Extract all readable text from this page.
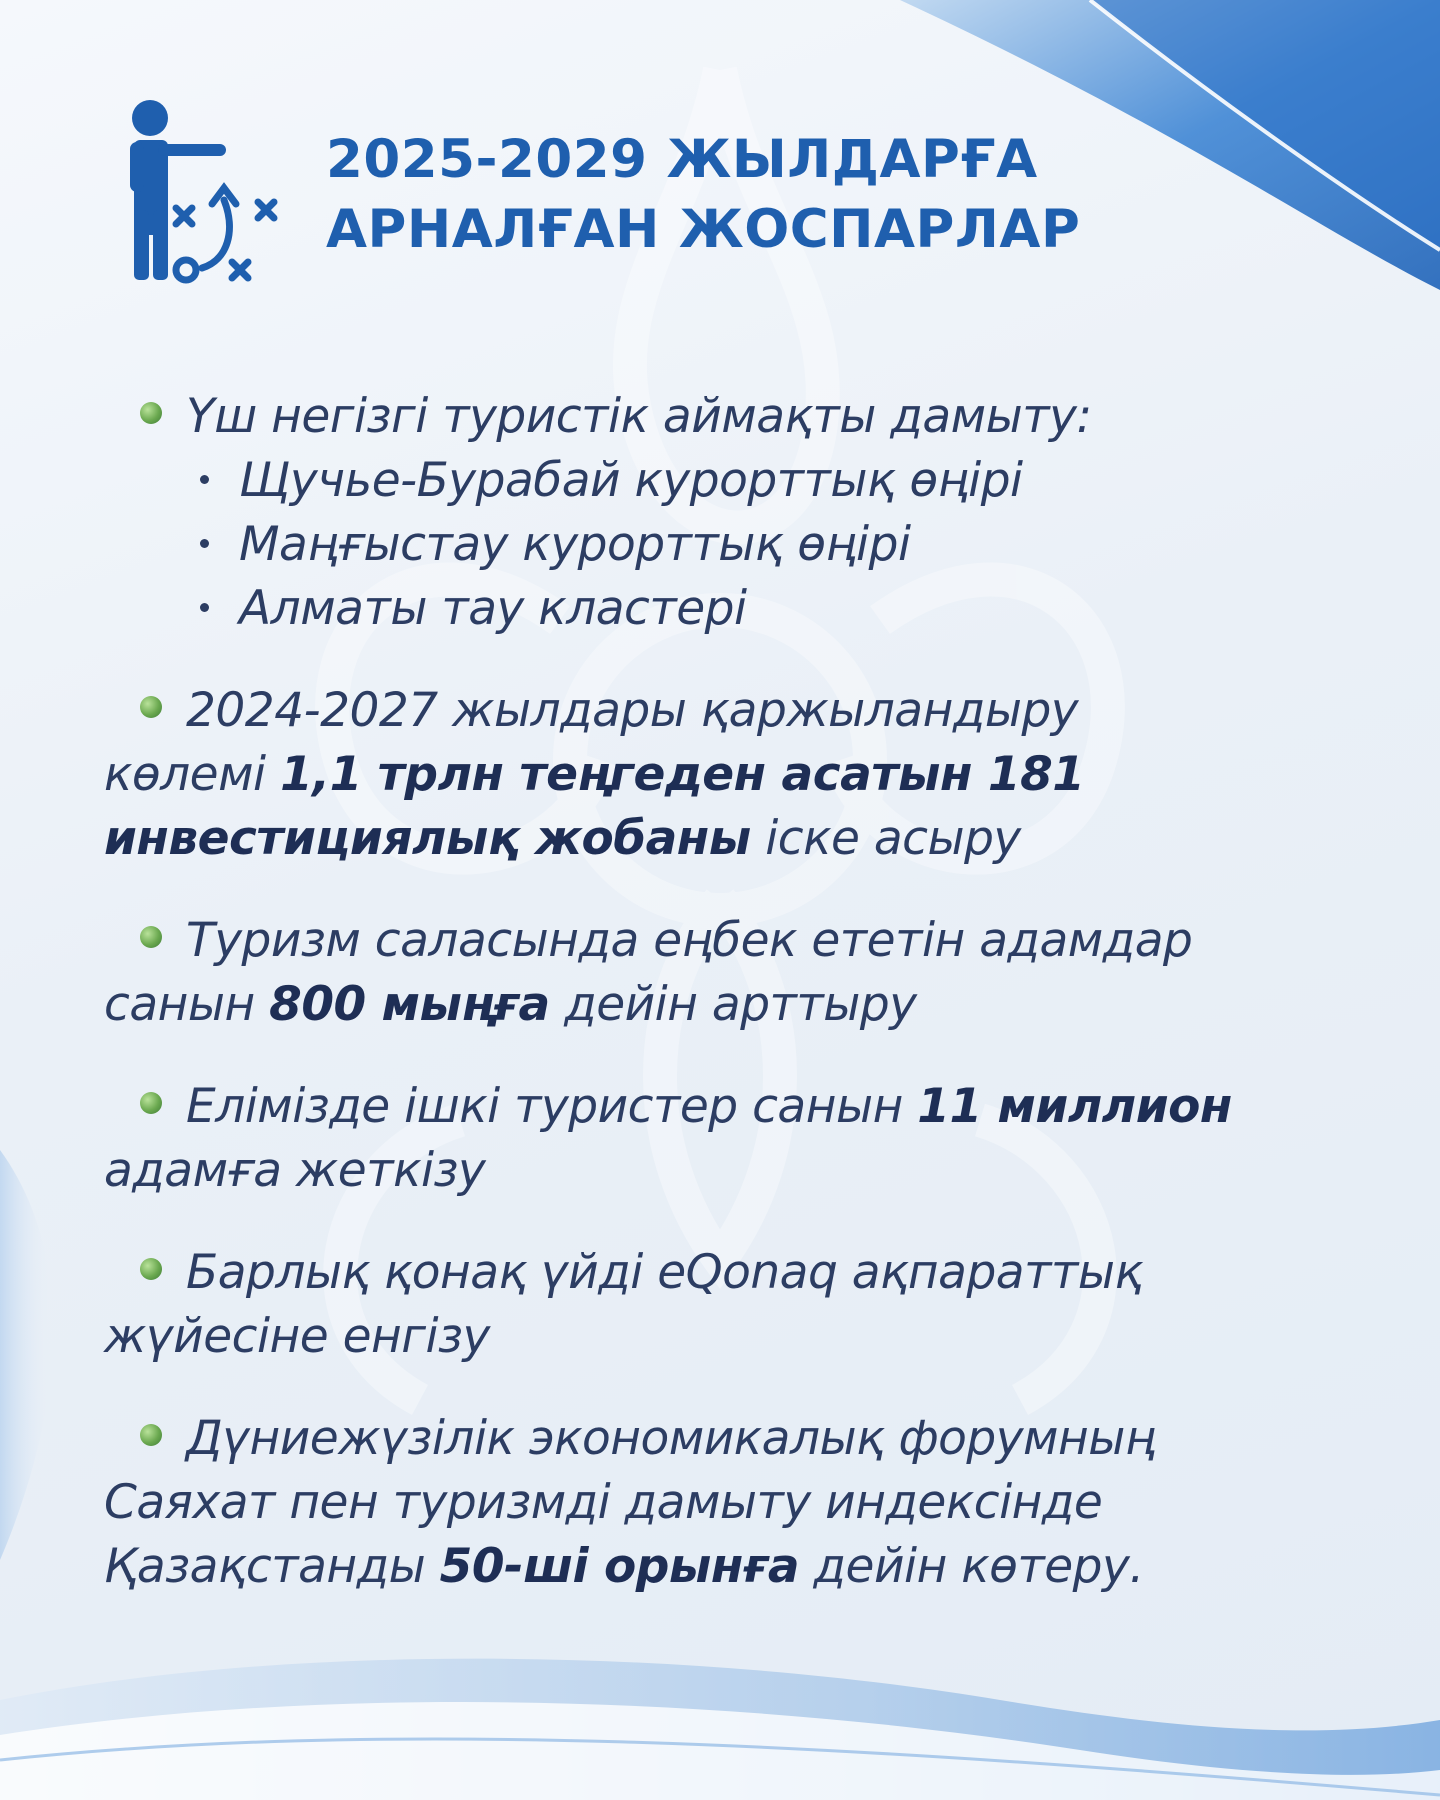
2025-2029 ЖЫЛДАРҒА
АРНАЛҒАН ЖОСПАРЛАР
Үш негізгі туристік аймақты дамыту:
Щучье-Бурабай курорттық өңірі
Маңғыстау курорттық өңірі
Алматы тау кластері
2024-2027 жылдары қаржыландыру
көлемі 1,1 трлн теңгеден асатын 181
инвестициялық жобаны іске асыру
Туризм саласында еңбек ететін адамдар
санын 800 мыңға дейін арттыру
Елімізде ішкі туристер санын 11 миллион
адамға жеткізу
Барлық қонақ үйді eQonaq ақпараттық
жүйесіне енгізу
Дүниежүзілік экономикалық форумның
Саяхат пен туризмді дамыту индексінде
Қазақстанды 50-ші орынға дейін көтеру.
